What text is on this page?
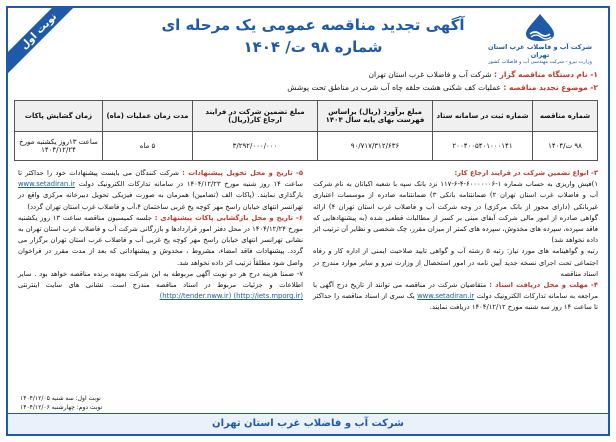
نوبت اول	شرکت آب و فاضلاب غرب استان تهران
وزارت نیرو - شرکت مهندسی آب و فاضلاب کشور
آگهی تجدید مناقصه عمومی یک مرحله ای
شماره ۹۸ ت/ ۱۴۰۴
۱- نام دستگاه مناقصه گزار : شرکت آب و فاضلاب غرب استان تهران
۲- موضوع تجدید مناقصه : عملیات کف شکنی هشت حلقه چاه آب شرب در مناطق تحت پوشش
شماره مناقصه	شماره ثبت در سامانه ستاد	مبلغ برآورد (ریال) براساس فهرست بهای پایه سال ۱۴۰۴	مبلغ تضمین شرکت در فرایند ارجاع کار(ریال)	مدت زمان عملیات (ماه)	زمان گشایش پاکات
۹۸ ت/۱۴۰۴	۲۰۰۴۰۰۵۴۰۱۰۰۰۱۴۱	۹۰/۷۱۷/۳۱۲/۶۳۶	۳/۲۹۲/۰۰۰/۰۰۰	۵ ماه	ساعت ۱۳روز یکشنبه مورخ ۱۴۰۴/۱۲/۲۴
۳- انواع تضمین شرکت در فرایند ارجاع کار:
۱)فیش واریزی به حساب شماره ۱-۶۰۰۰۰۰۰۶-۴-۶-۱۱۷ نزد بانک سپه با شعبه اکباتان به نام شرکت آب و فاضلاب غرب استان تهران ۲) ضمانتنامه بانکی ۳) ضمانتنامه صادره از موسسات اعتباری غیربانکی (دارای مجوز از بانک مرکزی) در وجه شرکت آب و فاضلاب غرب استان تهران ۴) ارائه گواهی صادره از امور مالی شرکت آبفای مبنی بر کسر از مطالبات قطعی شده (به پیشنهادهایی که فاقد سپرده، سپرده های مخدوش، سپرده های کمتر از میزان مقرر، چک شخصی و نظایر آن ترتیب اثر داده نخواهد شد)
رتبه و گواهینامه های مورد نیاز: رتبه ۵ رشته آب و گواهی تایید صلاحیت ایمنی از اداره کار و رفاه اجتماعی تحت اجرای نسخه جدید آیین نامه در امور استحصال از وزارت نیرو و سایر موارد مندرج در اسناد مناقصه
۴- مهلت و محل دریافت اسناد : متقاضیان شرکت در مناقصه می توانند از تاریخ درج آگهی با مراجعه به سامانه تدارکات الکترونیک دولت www.setadiran.ir یک سری از اسناد مناقصه را حداکثر تا ساعت ۱۴ روز سه شنبه مورخ ۱۴۰۴/۱۲/۱۲ دریافت نمایند.
۵- تاریخ و محل تحویل پیشنهادات : شرکت کنندگان می بایست پیشنهادات خود را حداکثر تا ساعت ۱۴ روز شنبه مورخ ۱۴۰۴/۱۲/۲۳ در سامانه تدارکات الکترونیک دولت www.setadiran.ir بارگذاری نمایند. (پاکات الف (تضامین) همزمان به صورت فیزیکی تحویل دبیرخانه مرکزی واقع در تهرانسر انتهای خیابان راسخ مهر کوچه پخ غربی ساختمان ۴،آب و فاضلاب غرب استان تهران گردد)
۶- تاریخ و محل بازگشایی پاکات پیشنهادی : جلسه کمیسیون مناقصه ساعت ۱۳ روز یکشنبه مورخ ۱۴۰۴/۱۲/۲۴ در محل دفتر امور قراردادها و بازرگانی شرکت آب و فاضلاب غرب استان تهران به نشانی تهرانسر انتهای خیابان راسخ مهر کوچه پخ غربی آب و فاضلاب غرب استان تهران برگزار می گردد. پیشنهادات فاقد امضاء، مشروط ، مخدوش و پیشنهاداتی که بعد از مدت مقرر در فراخوان واصل شود مطلقاً ترتیب اثر داده نخواهد شد.
۷- ضمنا هزینه درج هر دو نوبت آگهی مربوطه به این شرکت بعهده برنده مناقصه خواهد بود . سایر اطلاعات و جزئیات مربوط در اسناد مناقصه مندرج است. نشانی های سایت اینترنتی (http://iets.mporg.ir) (http://tender.nww.ir)
نوبت اول: سه شنبه ۱۴۰۴/۱۲/۰۵
نوبت دوم: چهارشنبه ۱۴۰۴/۱۲/۰۶
شرکت آب و فاضلاب غرب استان تهران
